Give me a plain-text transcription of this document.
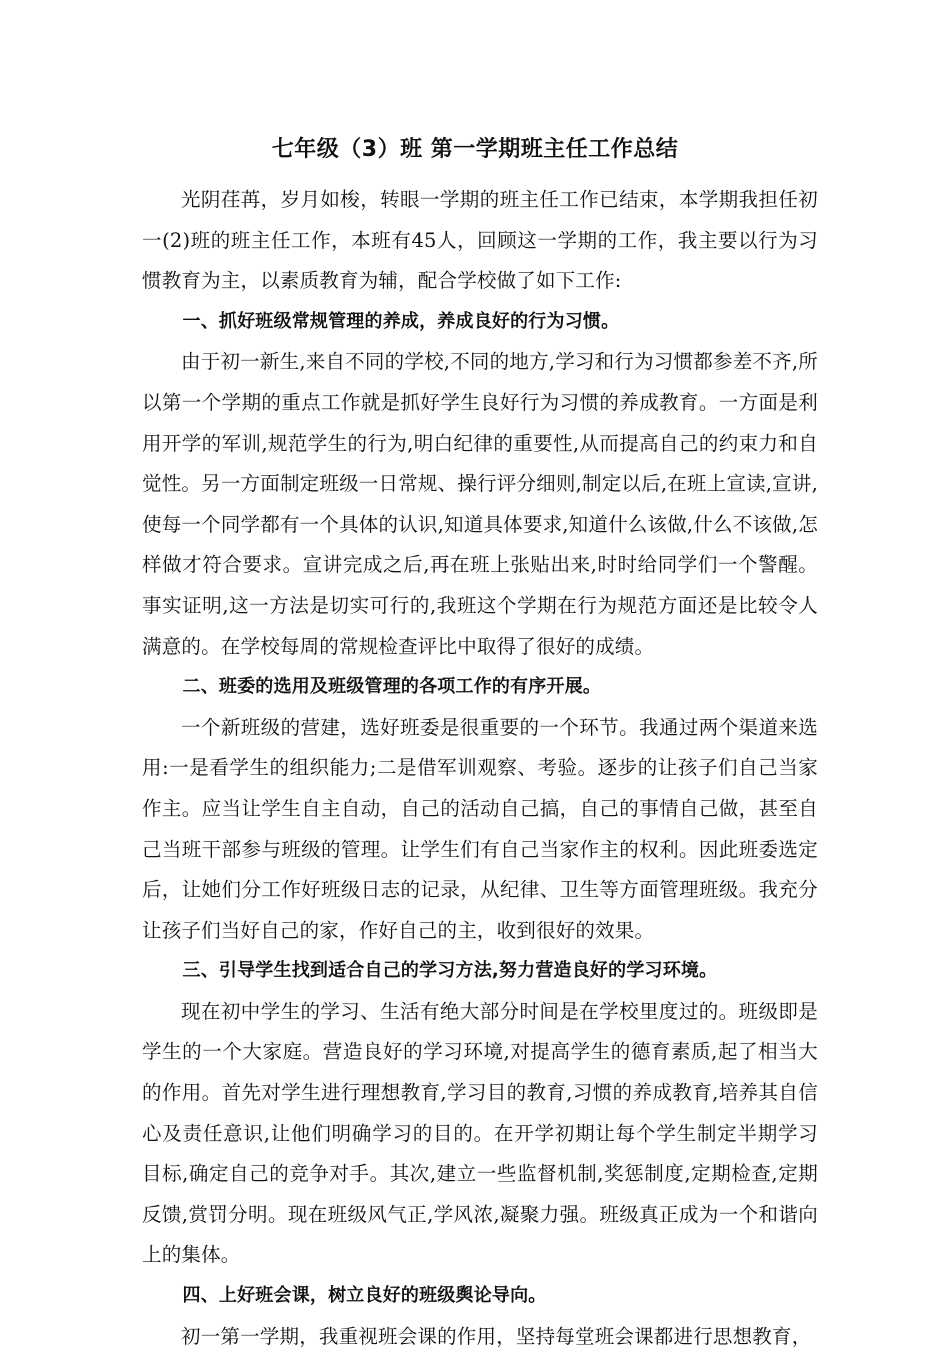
七年级（3）班 第一学期班主任工作总结

光阴荏苒，岁月如梭，转眼一学期的班主任工作已结束，本学期我担任初一(2)班的班主任工作，本班有45人，回顾这一学期的工作，我主要以行为习惯教育为主，以素质教育为辅，配合学校做了如下工作:

一、抓好班级常规管理的养成，养成良好的行为习惯。

由于初一新生,来自不同的学校,不同的地方,学习和行为习惯都参差不齐,所以第一个学期的重点工作就是抓好学生良好行为习惯的养成教育。一方面是利用开学的军训,规范学生的行为,明白纪律的重要性,从而提高自己的约束力和自觉性。另一方面制定班级一日常规、操行评分细则,制定以后,在班上宣读,宣讲,使每一个同学都有一个具体的认识,知道具体要求,知道什么该做,什么不该做,怎样做才符合要求。宣讲完成之后,再在班上张贴出来,时时给同学们一个警醒。事实证明,这一方法是切实可行的,我班这个学期在行为规范方面还是比较令人满意的。在学校每周的常规检查评比中取得了很好的成绩。

二、班委的选用及班级管理的各项工作的有序开展。

一个新班级的营建，选好班委是很重要的一个环节。我通过两个渠道来选用:一是看学生的组织能力;二是借军训观察、考验。逐步的让孩子们自己当家作主。应当让学生自主自动，自己的活动自己搞，自己的事情自己做，甚至自己当班干部参与班级的管理。让学生们有自己当家作主的权利。因此班委选定后，让她们分工作好班级日志的记录，从纪律、卫生等方面管理班级。我充分让孩子们当好自己的家，作好自己的主，收到很好的效果。

三、引导学生找到适合自己的学习方法,努力营造良好的学习环境。

现在初中学生的学习、生活有绝大部分时间是在学校里度过的。班级即是学生的一个大家庭。营造良好的学习环境,对提高学生的德育素质,起了相当大的作用。首先对学生进行理想教育,学习目的教育,习惯的养成教育,培养其自信心及责任意识,让他们明确学习的目的。在开学初期让每个学生制定半期学习目标,确定自己的竞争对手。其次,建立一些监督机制,奖惩制度,定期检查,定期反馈,赏罚分明。现在班级风气正,学风浓,凝聚力强。班级真正成为一个和谐向上的集体。

四、上好班会课，树立良好的班级舆论导向。

初一第一学期，我重视班会课的作用，坚持每堂班会课都进行思想教育，
